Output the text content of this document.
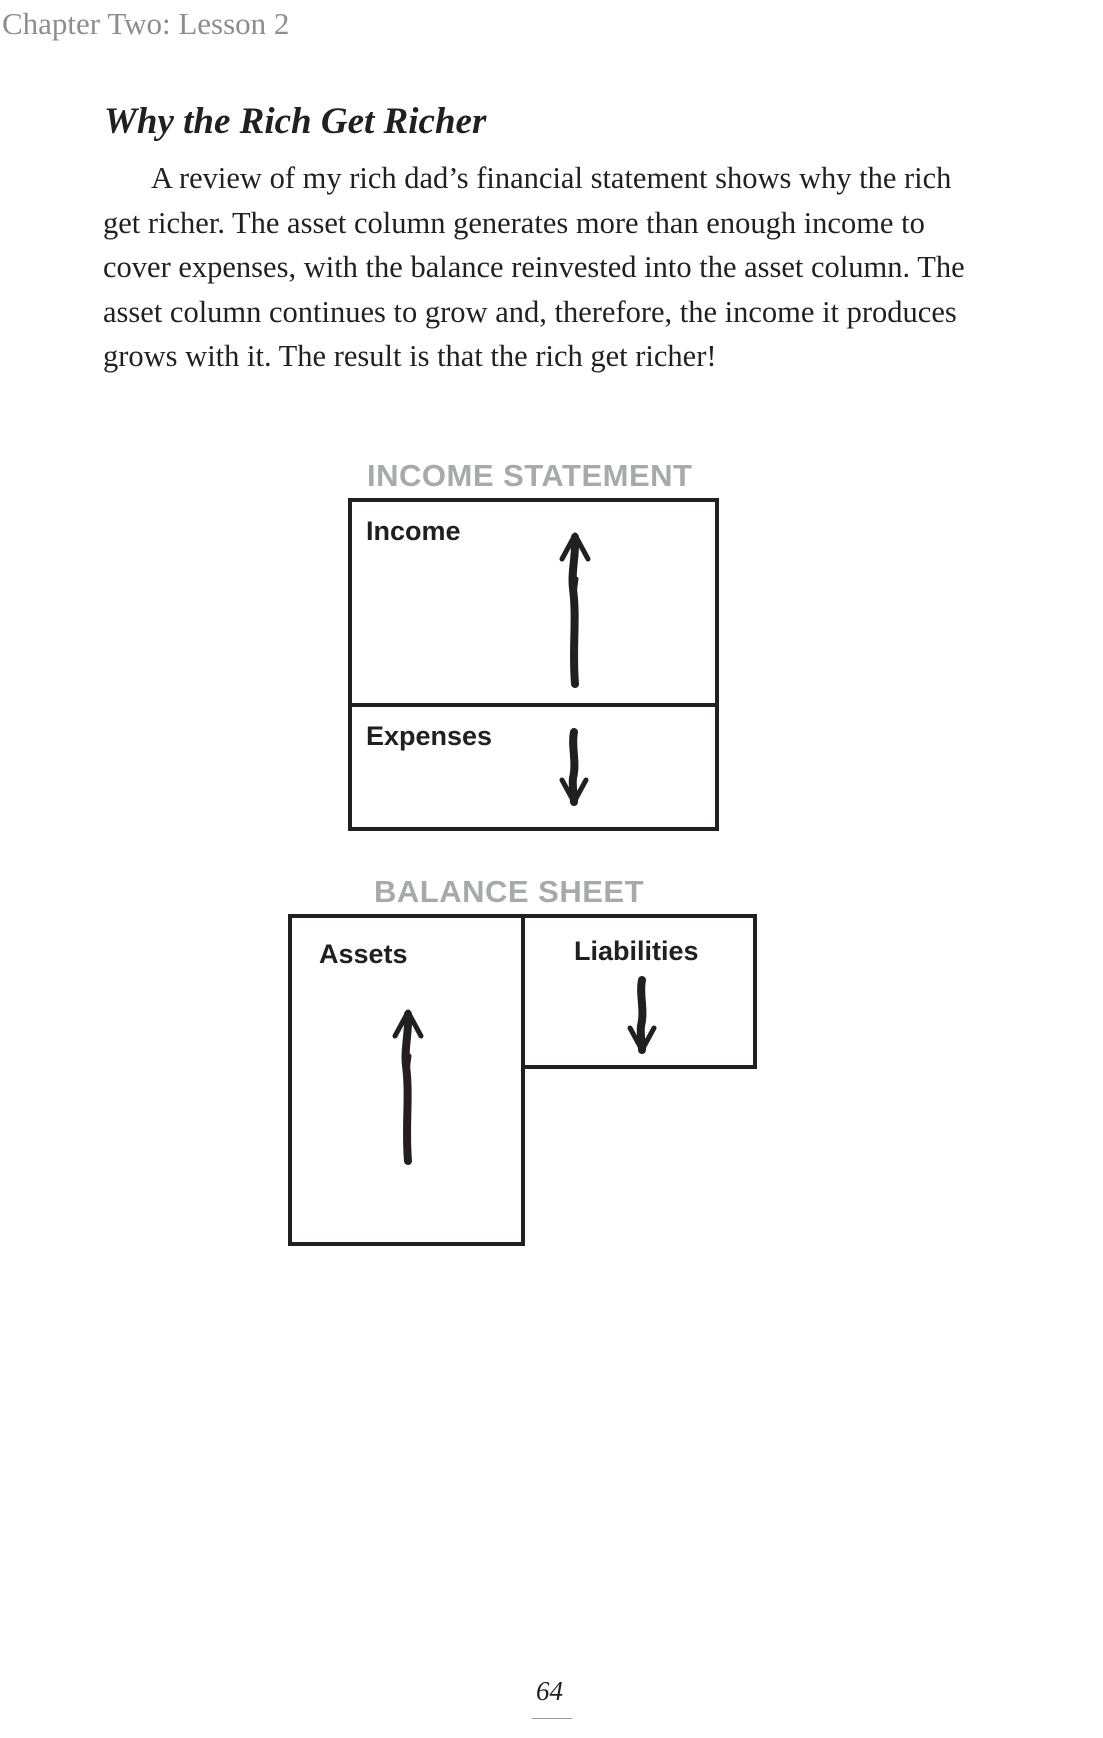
Chapter Two: Lesson 2
Why the Rich Get Richer
A review of my rich dad’s financial statement shows why the rich
get richer. The asset column generates more than enough income to
cover expenses, with the balance reinvested into the asset column. The
asset column continues to grow and, therefore, the income it produces
grows with it. The result is that the rich get richer!
INCOME STATEMENT
Income
Expenses
BALANCE SHEET
Assets	Liabilities
64
